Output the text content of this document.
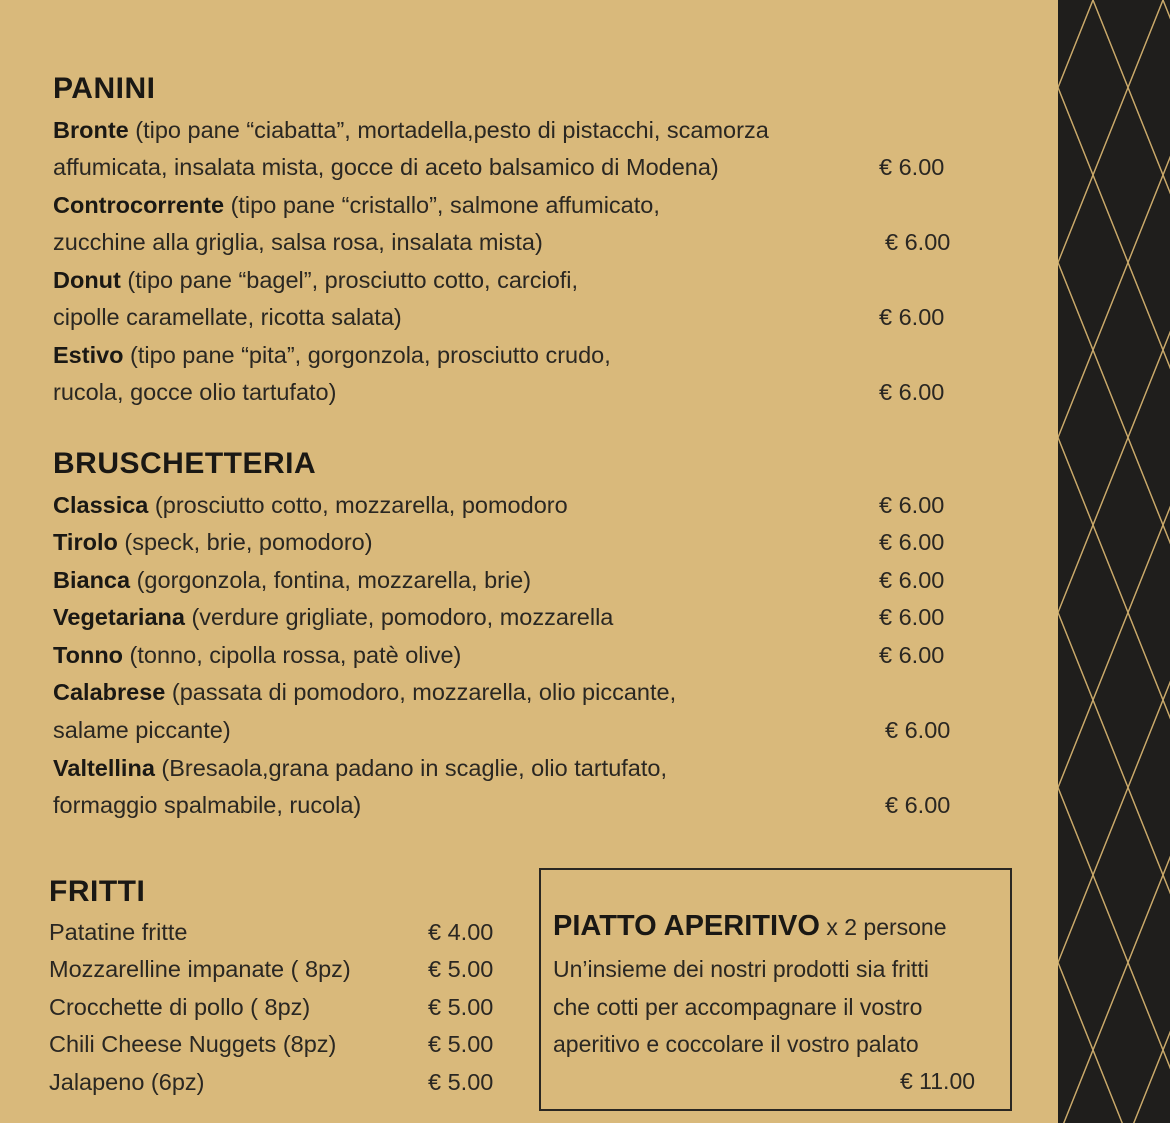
PANINI
Bronte (tipo pane “ciabatta”, mortadella,pesto di pistacchi, scamorza
affumicata, insalata mista, gocce di aceto balsamico di Modena)	€ 6.00
Controcorrente (tipo pane “cristallo”, salmone affumicato,
zucchine alla griglia, salsa rosa, insalata mista)	€ 6.00
Donut (tipo pane “bagel”, prosciutto cotto, carciofi,
cipolle caramellate, ricotta salata)	€ 6.00
Estivo (tipo pane “pita”, gorgonzola, prosciutto crudo,
rucola, gocce olio tartufato)	€ 6.00
BRUSCHETTERIA
Classica (prosciutto cotto, mozzarella, pomodoro	€ 6.00
Tirolo (speck, brie, pomodoro)	€ 6.00
Bianca (gorgonzola, fontina, mozzarella, brie)	€ 6.00
Vegetariana (verdure grigliate, pomodoro, mozzarella	€ 6.00
Tonno (tonno, cipolla rossa, patè olive)	€ 6.00
Calabrese (passata di pomodoro, mozzarella, olio piccante,
salame piccante)	€ 6.00
Valtellina (Bresaola,grana padano in scaglie, olio tartufato,
formaggio spalmabile, rucola)	€ 6.00
FRITTI
Patatine fritte	€ 4.00
Mozzarelline impanate ( 8pz)	€ 5.00
Crocchette di pollo ( 8pz)	€ 5.00
Chili Cheese Nuggets (8pz)	€ 5.00
Jalapeno (6pz)	€ 5.00
PIATTO APERITIVO x 2 persone
Un’insieme dei nostri prodotti sia fritti
che cotti per accompagnare il vostro
aperitivo e coccolare il vostro palato
€ 11.00
